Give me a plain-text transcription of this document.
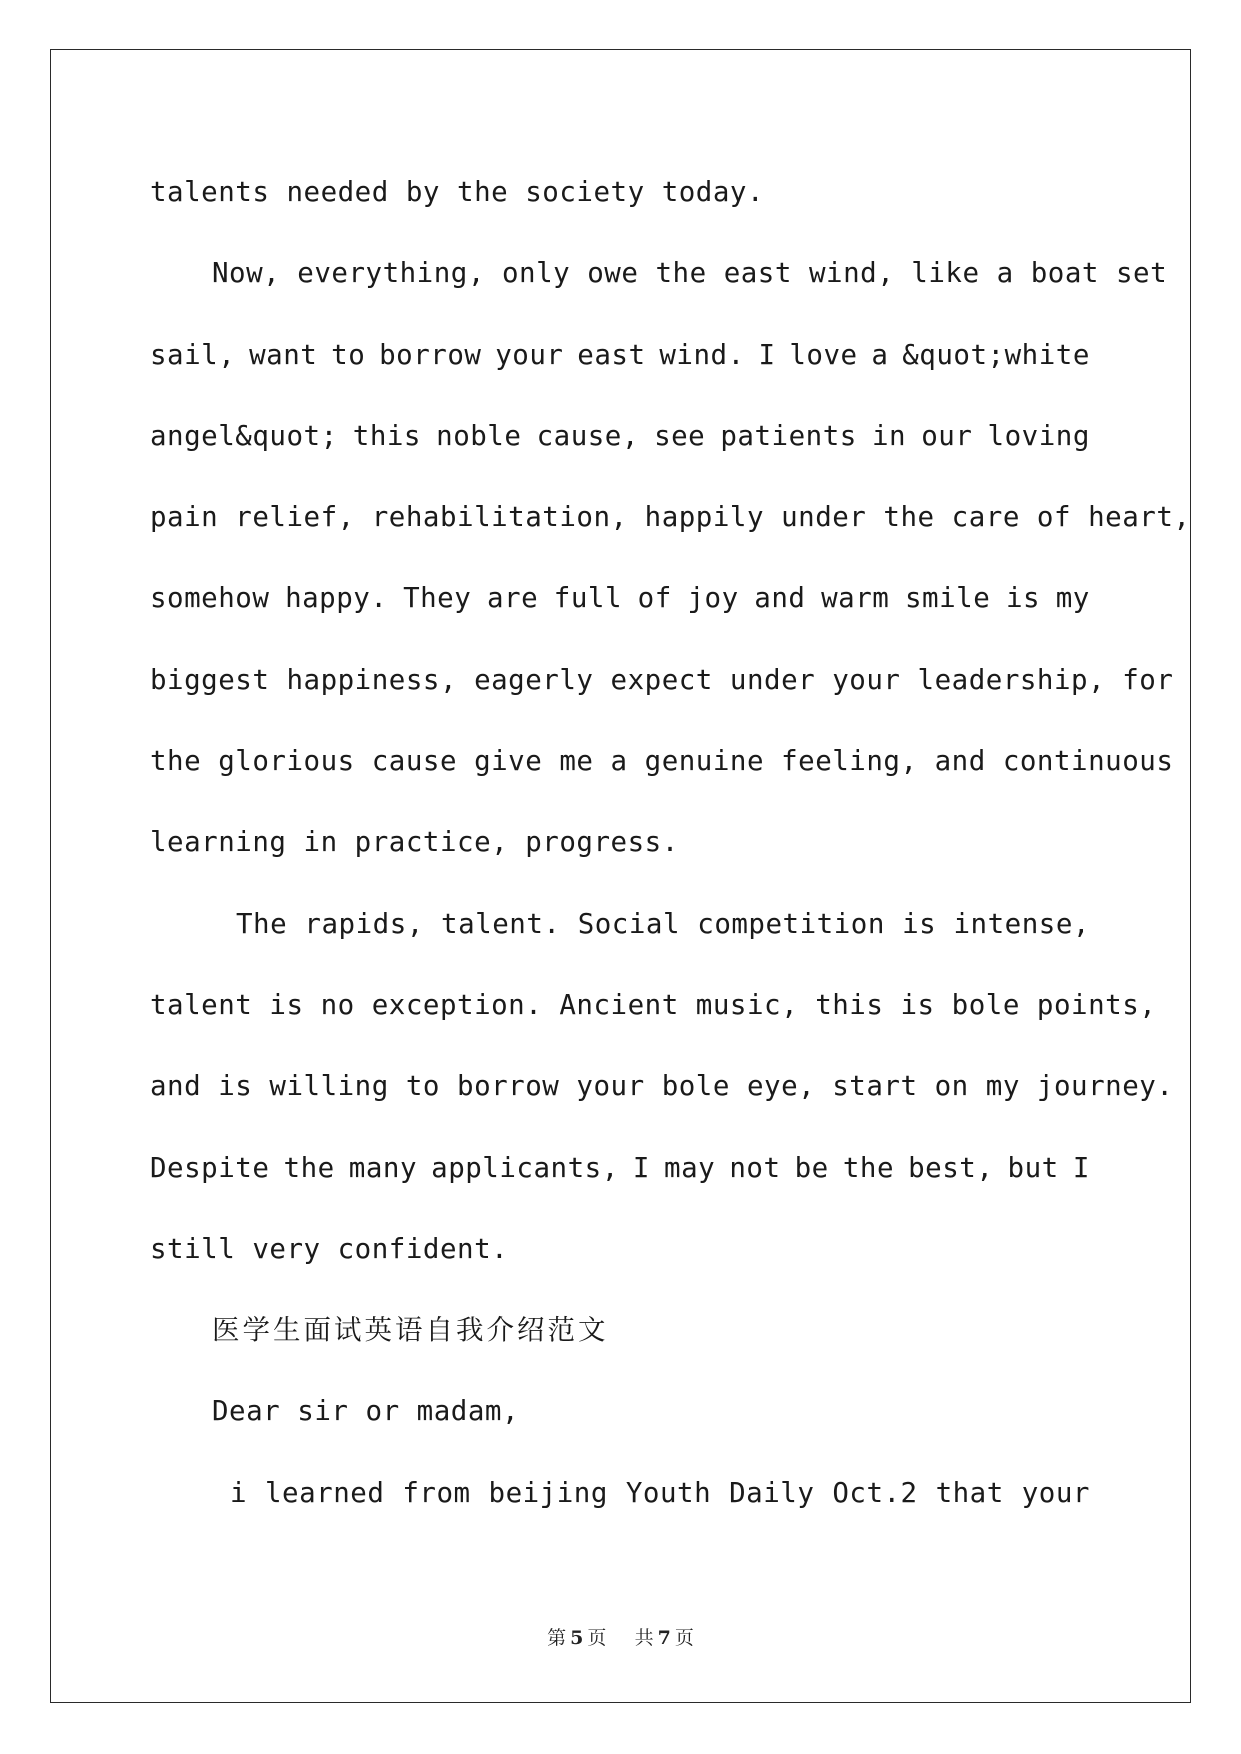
talents needed by the society today.
Now, everything, only owe the east wind, like a boat set
sail, want to borrow your east wind. I love a &quot;white
angel&quot; this noble cause, see patients in our loving
pain relief, rehabilitation, happily under the care of heart,
somehow happy. They are full of joy and warm smile is my
biggest happiness, eagerly expect under your leadership, for
the glorious cause give me a genuine feeling, and continuous
learning in practice, progress.
The rapids, talent. Social competition is intense,
talent is no exception. Ancient music, this is bole points,
and is willing to borrow your bole eye, start on my journey.
Despite the many applicants, I may not be the best, but I
still very confident.
医学生面试英语自我介绍范文
Dear sir or madam,
i learned from beijing Youth Daily Oct.2 that your
第 5 页 共 7 页
